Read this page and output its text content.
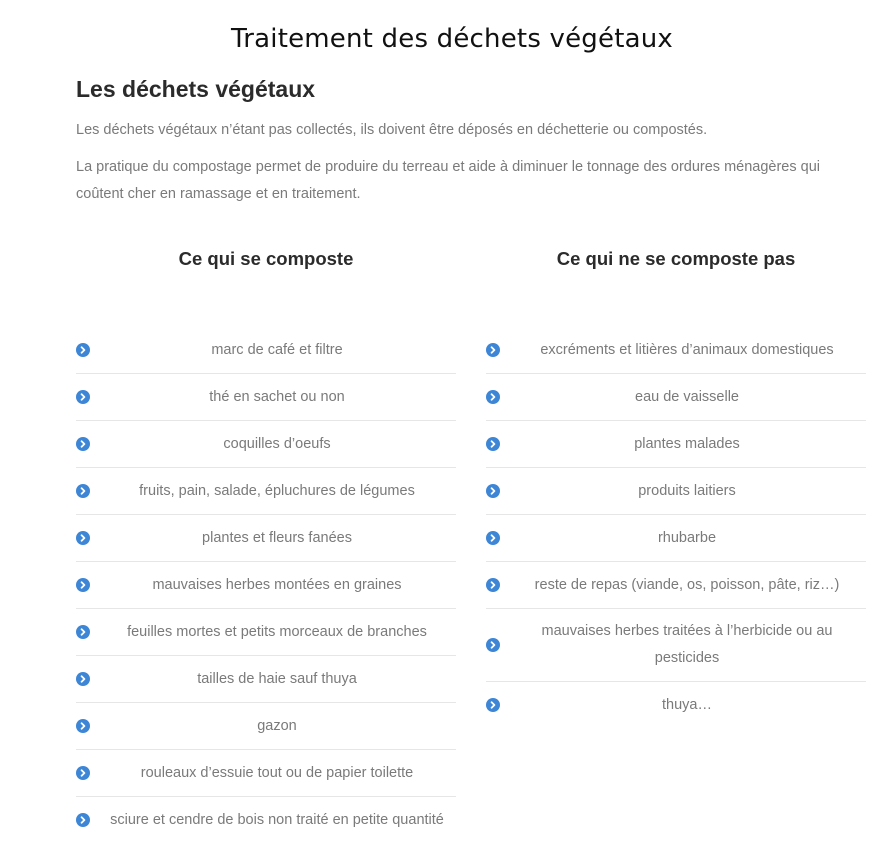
Traitement des déchets végétaux
Les déchets végétaux

Les déchets végétaux n’étant pas collectés, ils doivent être déposés en déchetterie ou compostés.

La pratique du compostage permet de produire du terreau et aide à diminuer le tonnage des ordures ménagères qui coûtent cher en ramassage et en traitement.

Ce qui se composte
marc de café et filtre
thé en sachet ou non
coquilles d’oeufs
fruits, pain, salade, épluchures de légumes
plantes et fleurs fanées
mauvaises herbes montées en graines
feuilles mortes et petits morceaux de branches
tailles de haie sauf thuya
gazon
rouleaux d’essuie tout ou de papier toilette
sciure et cendre de bois non traité en petite quantité
Ce qui ne se composte pas
excréments et litières d’animaux domestiques
eau de vaisselle
plantes malades
produits laitiers
rhubarbe
reste de repas (viande, os, poisson, pâte, riz…)
mauvaises herbes traitées à l’herbicide ou au pesticides
thuya…
